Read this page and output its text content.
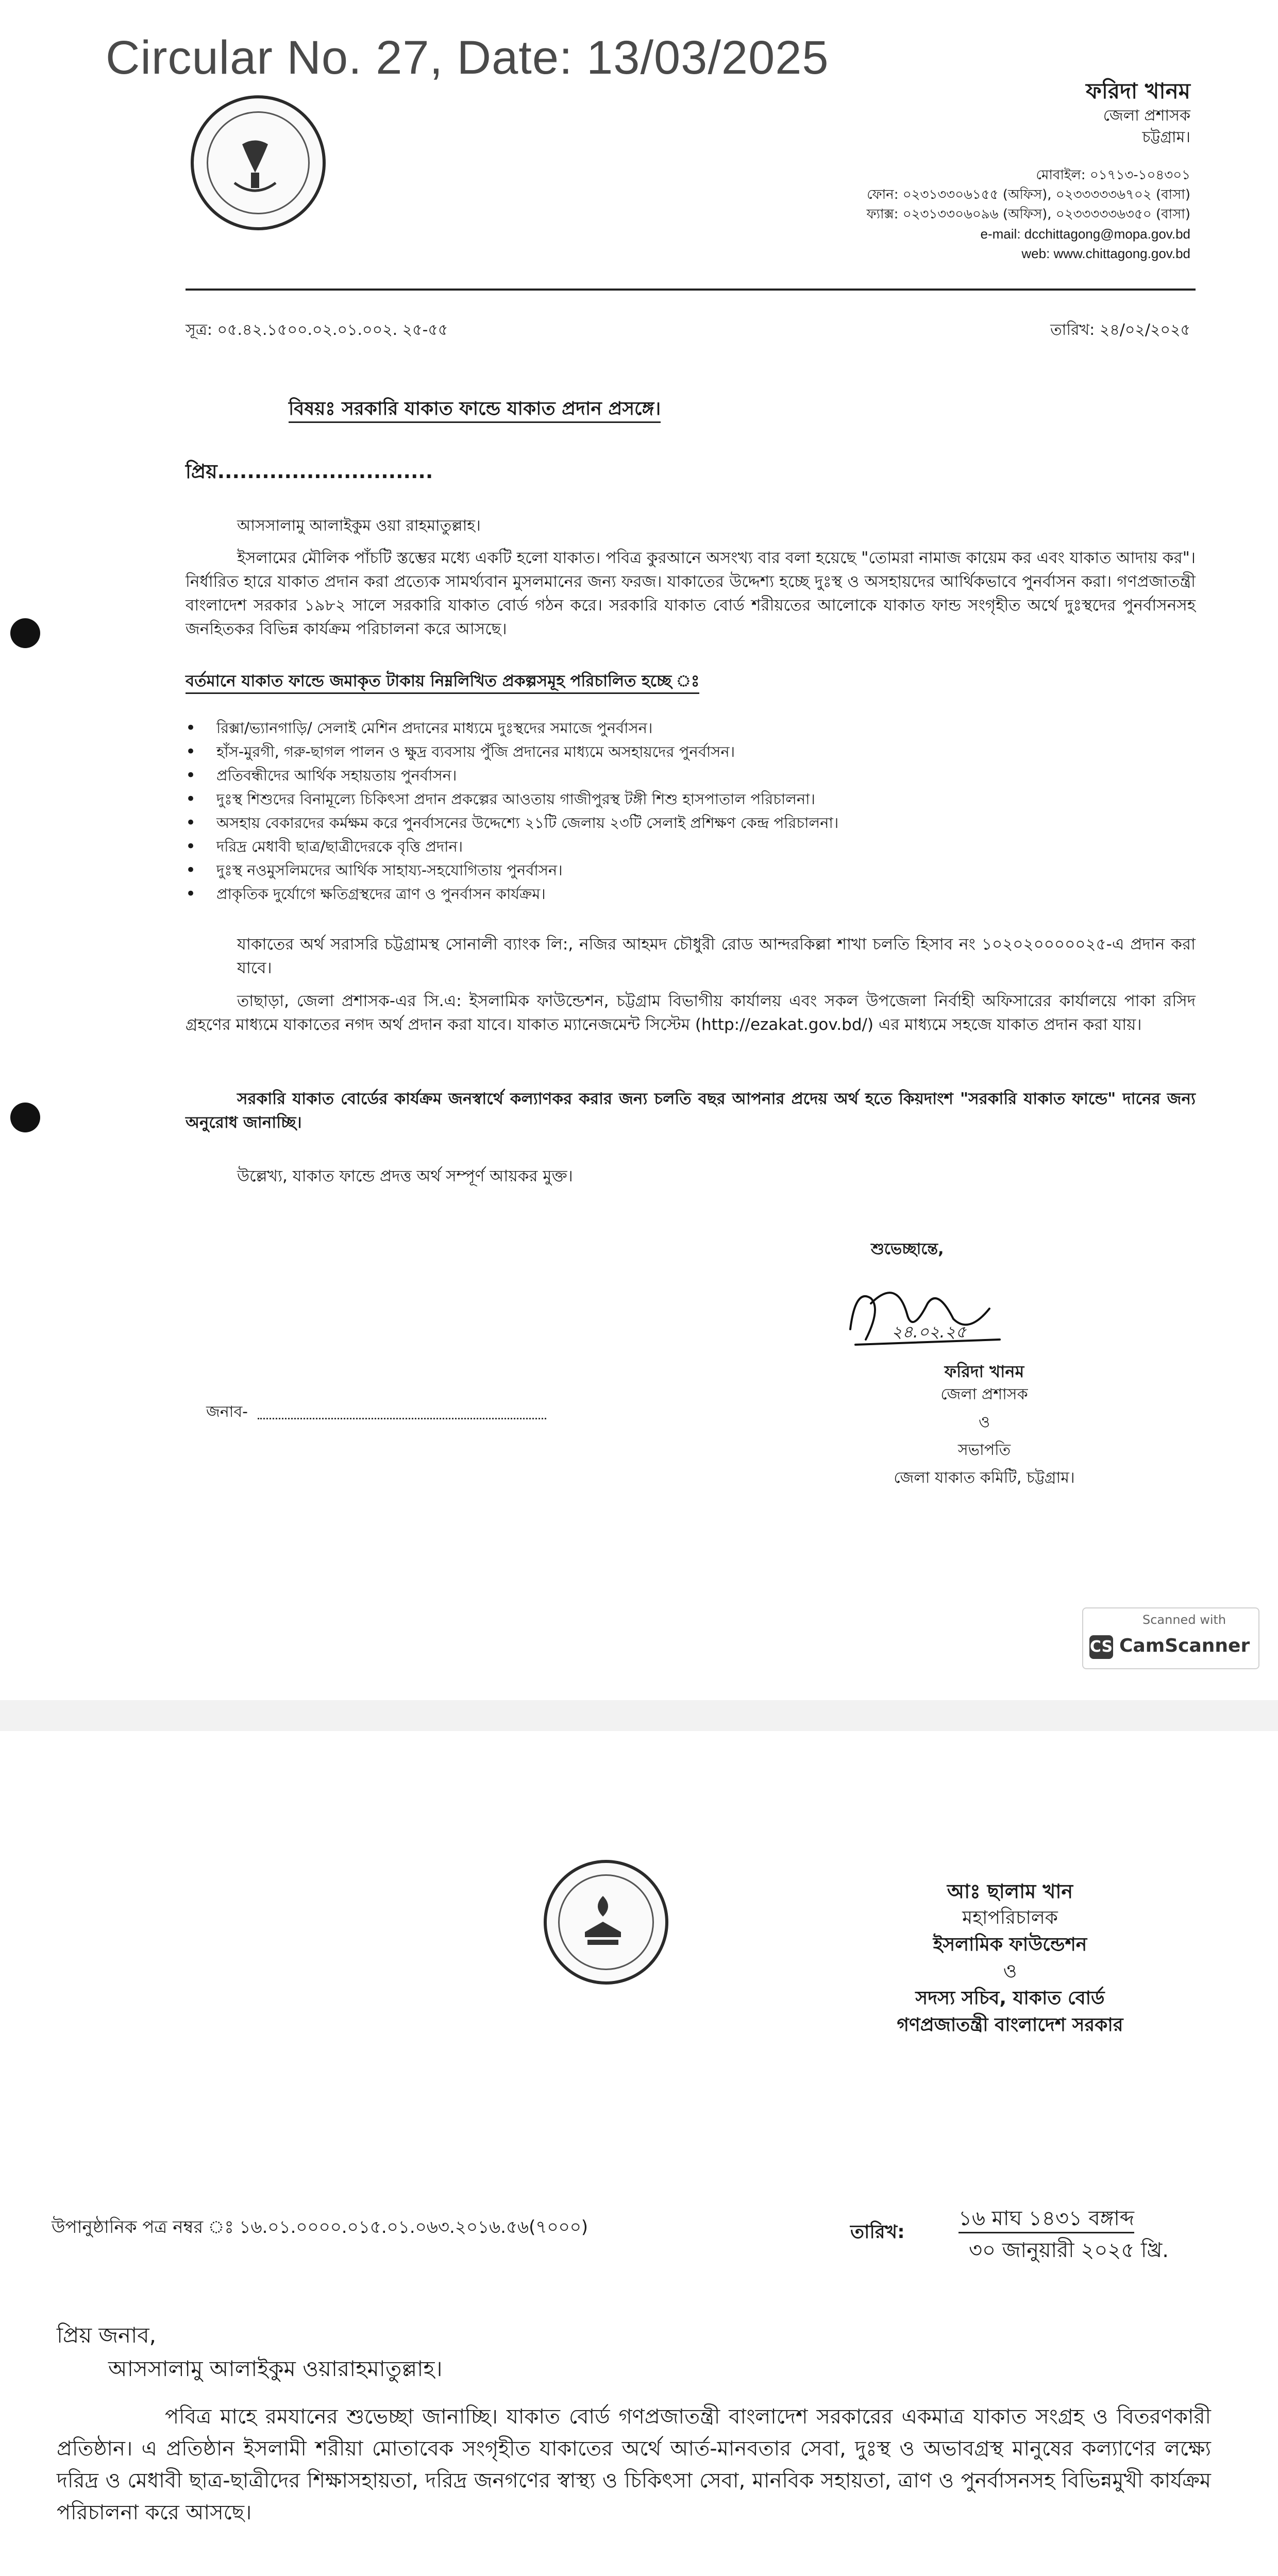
Circular No. 27, Date: 13/03/2025
ফরিদা খানম
জেলা প্রশাসক
চট্টগ্রাম।
মোবাইল: ০১৭১৩-১০৪৩০১
ফোন: ০২৩১৩৩০৬১৫৫ (অফিস), ০২৩৩৩৩৩৬৭০২ (বাসা)
ফ্যাক্স: ০২৩১৩৩০৬০৯৬ (অফিস), ০২৩৩৩৩৩৬৩৫০ (বাসা)
e-mail: dcchittagong@mopa.gov.bd
web: www.chittagong.gov.bd
সূত্র: ০৫.৪২.১৫০০.০২.০১.০০২. ২৫-৫৫	তারিখ: ২৪/০২/২০২৫
বিষয়ঃ সরকারি যাকাত ফান্ডে যাকাত প্রদান প্রসঙ্গে।
প্রিয়.............................
আসসালামু আলাইকুম ওয়া রাহমাতুল্লাহ।
ইসলামের মৌলিক পাঁচটি স্তম্ভের মধ্যে একটি হলো যাকাত। পবিত্র কুরআনে অসংখ্য বার বলা হয়েছে "তোমরা নামাজ কায়েম কর এবং যাকাত আদায় কর"। নির্ধারিত হারে যাকাত প্রদান করা প্রত্যেক সামর্থ্যবান মুসলমানের জন্য ফরজ। যাকাতের উদ্দেশ্য হচ্ছে দুঃস্থ ও অসহায়দের আর্থিকভাবে পুনর্বাসন করা। গণপ্রজাতন্ত্রী বাংলাদেশ সরকার ১৯৮২ সালে সরকারি যাকাত বোর্ড গঠন করে। সরকারি যাকাত বোর্ড শরীয়তের আলোকে যাকাত ফান্ড সংগৃহীত অর্থে দুঃস্থদের পুনর্বাসনসহ জনহিতকর বিভিন্ন কার্যক্রম পরিচালনা করে আসছে।
বর্তমানে যাকাত ফান্ডে জমাকৃত টাকায় নিম্নলিখিত প্রকল্পসমূহ পরিচালিত হচ্ছে ঃ
• রিক্সা/ভ্যানগাড়ি/ সেলাই মেশিন প্রদানের মাধ্যমে দুঃস্থদের সমাজে পুনর্বাসন।
• হাঁস-মুরগী, গরু-ছাগল পালন ও ক্ষুদ্র ব্যবসায় পুঁজি প্রদানের মাধ্যমে অসহায়দের পুনর্বাসন।
• প্রতিবন্ধীদের আর্থিক সহায়তায় পুনর্বাসন।
• দুঃস্থ শিশুদের বিনামূল্যে চিকিৎসা প্রদান প্রকল্পের আওতায় গাজীপুরস্থ টঙ্গী শিশু হাসপাতাল পরিচালনা।
• অসহায় বেকারদের কর্মক্ষম করে পুনর্বাসনের উদ্দেশ্যে ২১টি জেলায় ২৩টি সেলাই প্রশিক্ষণ কেন্দ্র পরিচালনা।
• দরিদ্র মেধাবী ছাত্র/ছাত্রীদেরকে বৃত্তি প্রদান।
• দুঃস্থ নওমুসলিমদের আর্থিক সাহায্য-সহযোগিতায় পুনর্বাসন।
• প্রাকৃতিক দুর্যোগে ক্ষতিগ্রস্থদের ত্রাণ ও পুনর্বাসন কার্যক্রম।
যাকাতের অর্থ সরাসরি চট্টগ্রামস্থ সোনালী ব্যাংক লি:, নজির আহমদ চৌধুরী রোড আন্দরকিল্লা শাখা চলতি হিসাব নং ১০২০২০০০০০২৫-এ প্রদান করা যাবে।
তাছাড়া, জেলা প্রশাসক-এর সি.এ: ইসলামিক ফাউন্ডেশন, চট্টগ্রাম বিভাগীয় কার্যালয় এবং সকল উপজেলা নির্বাহী অফিসারের কার্যালয়ে পাকা রসিদ গ্রহণের মাধ্যমে যাকাতের নগদ অর্থ প্রদান করা যাবে। যাকাত ম্যানেজমেন্ট সিস্টেম (http://ezakat.gov.bd/) এর মাধ্যমে সহজে যাকাত প্রদান করা যায়।
সরকারি যাকাত বোর্ডের কার্যক্রম জনস্বার্থে কল্যাণকর করার জন্য চলতি বছর আপনার প্রদেয় অর্থ হতে কিয়দাংশ "সরকারি যাকাত ফান্ডে" দানের জন্য অনুরোধ জানাচ্ছি।
উল্লেখ্য, যাকাত ফান্ডে প্রদত্ত অর্থ সম্পূর্ণ আয়কর মুক্ত।
শুভেচ্ছান্তে,
২৪.০২.২৫
ফরিদা খানম
জেলা প্রশাসক
ও
সভাপতি
জেলা যাকাত কমিটি, চট্টগ্রাম।
জনাব-
Scanned with
CS CamScanner
আঃ ছালাম খান
মহাপরিচালক
ইসলামিক ফাউন্ডেশন
ও
সদস্য সচিব, যাকাত বোর্ড
গণপ্রজাতন্ত্রী বাংলাদেশ সরকার
উপানুষ্ঠানিক পত্র নম্বর ঃ ১৬.০১.০০০০.০১৫.০১.০৬৩.২০১৬.৫৬(৭০০০)	তারিখ:
১৬ মাঘ ১৪৩১ বঙ্গাব্দ
৩০ জানুয়ারী ২০২৫ খ্রি.
প্রিয় জনাব,
আসসালামু আলাইকুম ওয়ারাহমাতুল্লাহ।
পবিত্র মাহে রমযানের শুভেচ্ছা জানাচ্ছি। যাকাত বোর্ড গণপ্রজাতন্ত্রী বাংলাদেশ সরকারের একমাত্র যাকাত সংগ্রহ ও বিতরণকারী প্রতিষ্ঠান। এ প্রতিষ্ঠান ইসলামী শরীয়া মোতাবেক সংগৃহীত যাকাতের অর্থে আর্ত-মানবতার সেবা, দুঃস্থ ও অভাবগ্রস্থ মানুষের কল্যাণের লক্ষ্যে দরিদ্র ও মেধাবী ছাত্র-ছাত্রীদের শিক্ষাসহায়তা, দরিদ্র জনগণের স্বাস্থ্য ও চিকিৎসা সেবা, মানবিক সহায়তা, ত্রাণ ও পুনর্বাসনসহ বিভিন্নমুখী কার্যক্রম পরিচালনা করে আসছে।
